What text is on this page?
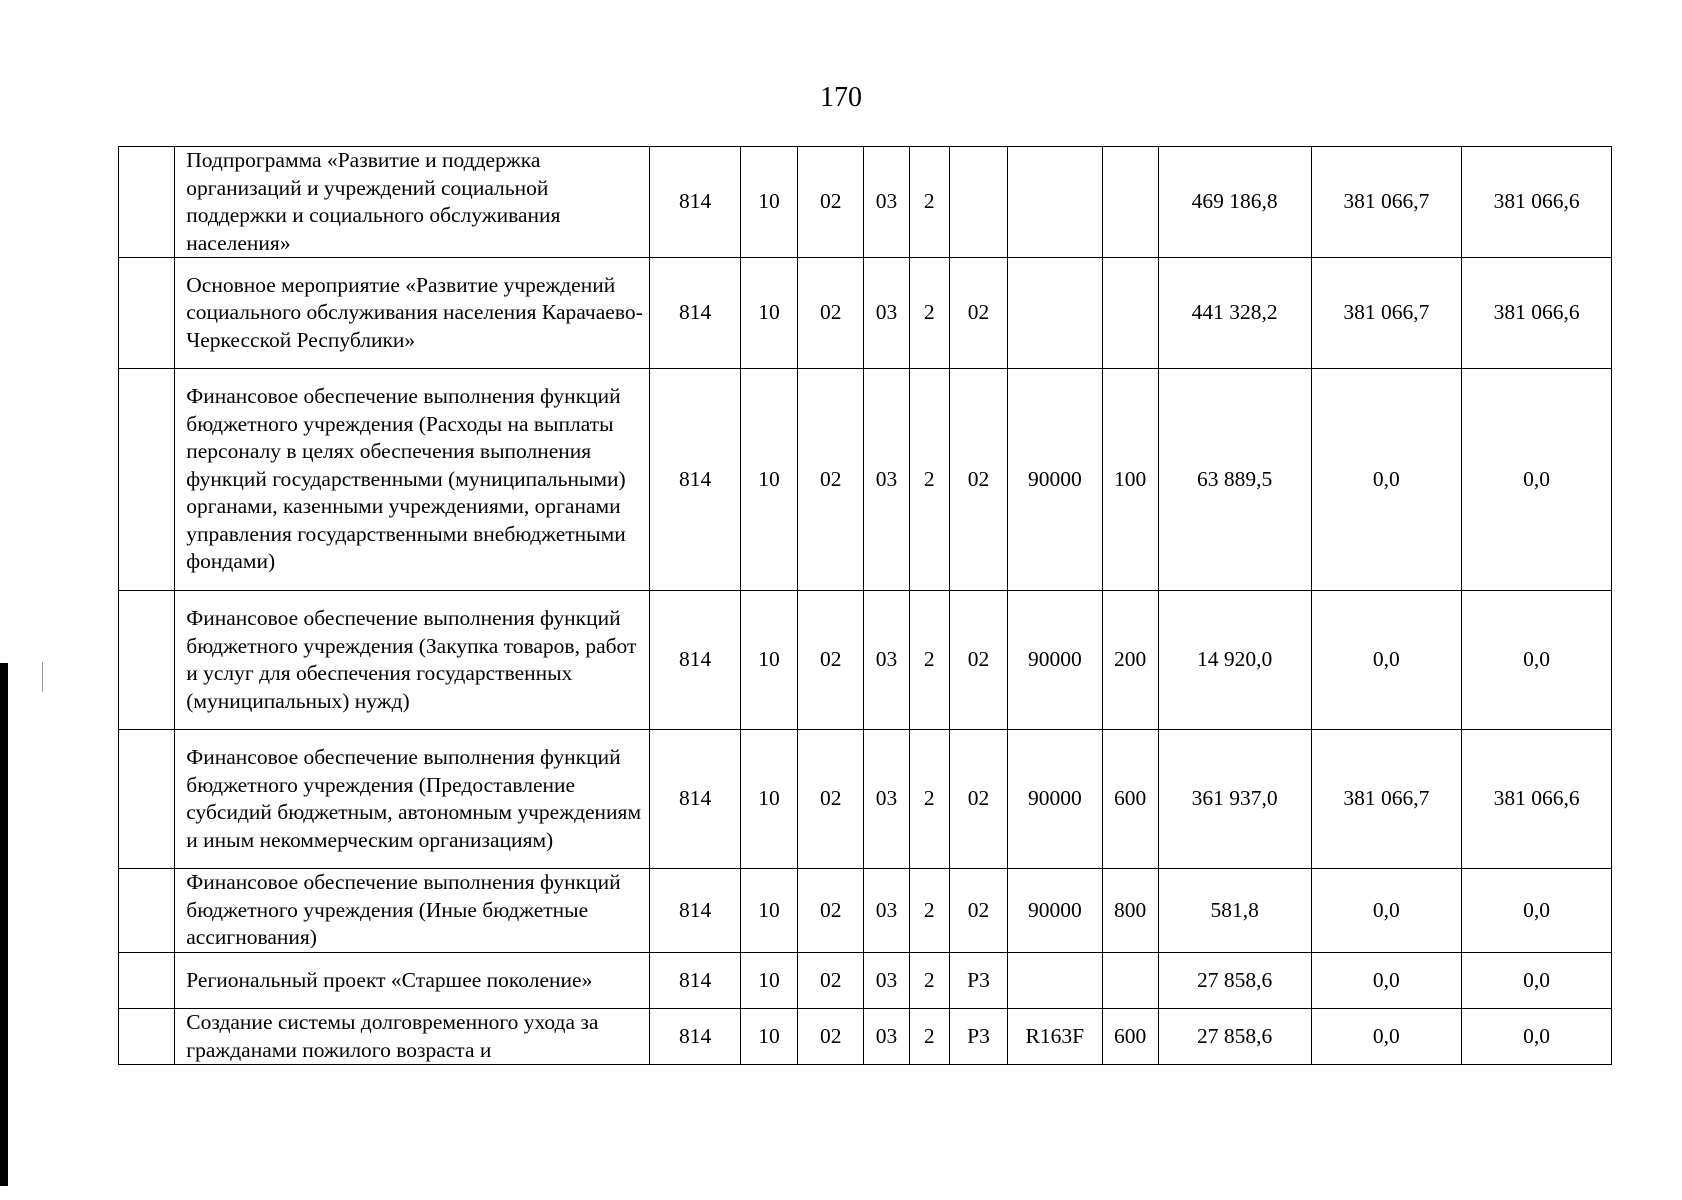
170
	Подпрограмма «Развитие и поддержка организаций и учреждений социальной поддержки и социального обслуживания населения»	814	10	02	03	2				469 186,8	381 066,7	381 066,6
	Основное мероприятие «Развитие учреждений социального обслуживания населения Карачаево-Черкесской Республики»	814	10	02	03	2	02			441 328,2	381 066,7	381 066,6
	Финансовое обеспечение выполнения функций бюджетного учреждения (Расходы на выплаты персоналу в целях обеспечения выполнения функций государственными (муниципальными) органами, казенными учреждениями, органами управления государственными внебюджетными фондами)	814	10	02	03	2	02	90000	100	63 889,5	0,0	0,0
	Финансовое обеспечение выполнения функций бюджетного учреждения (Закупка товаров, работ и услуг для обеспечения государственных (муниципальных) нужд)	814	10	02	03	2	02	90000	200	14 920,0	0,0	0,0
	Финансовое обеспечение выполнения функций бюджетного учреждения (Предоставление субсидий бюджетным, автономным учреждениям и иным некоммерческим организациям)	814	10	02	03	2	02	90000	600	361 937,0	381 066,7	381 066,6
	Финансовое обеспечение выполнения функций бюджетного учреждения (Иные бюджетные ассигнования)	814	10	02	03	2	02	90000	800	581,8	0,0	0,0
	Региональный проект «Старшее поколение»	814	10	02	03	2	P3			27 858,6	0,0	0,0
	Создание системы долговременного ухода за гражданами пожилого возраста и	814	10	02	03	2	P3	R163F	600	27 858,6	0,0	0,0
